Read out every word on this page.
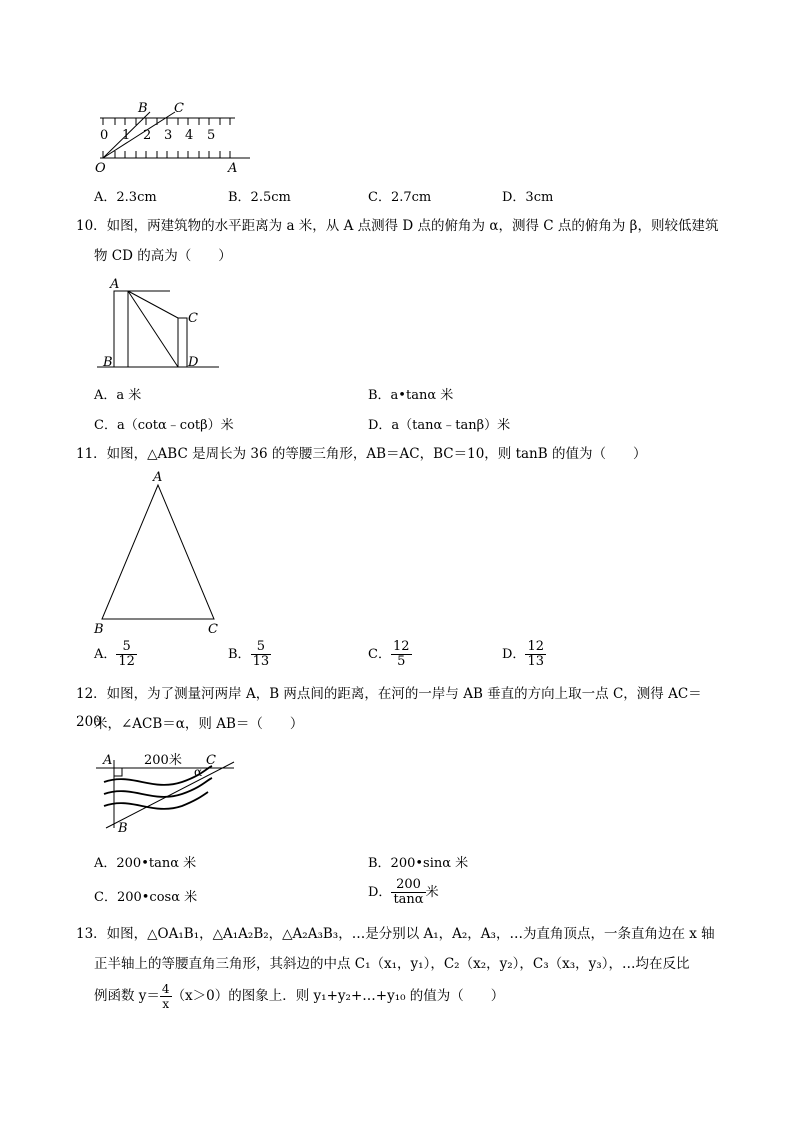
0 1 2 3 4 5
B C
O	A
A．2.3cm	B．2.5cm	C．2.7cm	D．3cm
10．如图，两建筑物的水平距离为 a 米，从 A 点测得 D 点的俯角为 α，测得 C 点的俯角为 β，则较低建筑
物 CD 的高为（　　）
A
B
C
D
A．a 米	B．a•tanα 米
C．a（cotα﹣cotβ）米	D．a（tanα﹣tanβ）米
11．如图，△ABC 是周长为 36 的等腰三角形，AB＝AC，BC＝10，则 tanB 的值为（　　）
A
B	C
A． $\frac{5}{12}$	B． $\frac{5}{13}$	C． $\frac{12}{5}$	D． $\frac{12}{13}$
12．如图，为了测量河两岸 A，B 两点间的距离，在河的一岸与 AB 垂直的方向上取一点 C，测得 AC＝200
米，∠ACB＝α，则 AB＝（　　）
A 200米 C
α
B
A．200•tanα 米	B．200•sinα 米
C．200•cosα 米	D． $\frac{200}{\tan\alpha}$ 米
13．如图，△OA₁B₁，△A₁A₂B₂，△A₂A₃B₃，…是分别以 A₁，A₂，A₃，…为直角顶点，一条直角边在 x 轴
正半轴上的等腰直角三角形，其斜边的中点 C₁（x₁，y₁），C₂（x₂，y₂），C₃（x₃，y₃），…均在反比
例函数 $y= \frac{4}{x} (x>0)$的图象上．则 y₁+y₂+…+y₁₀ 的值为（　　）
